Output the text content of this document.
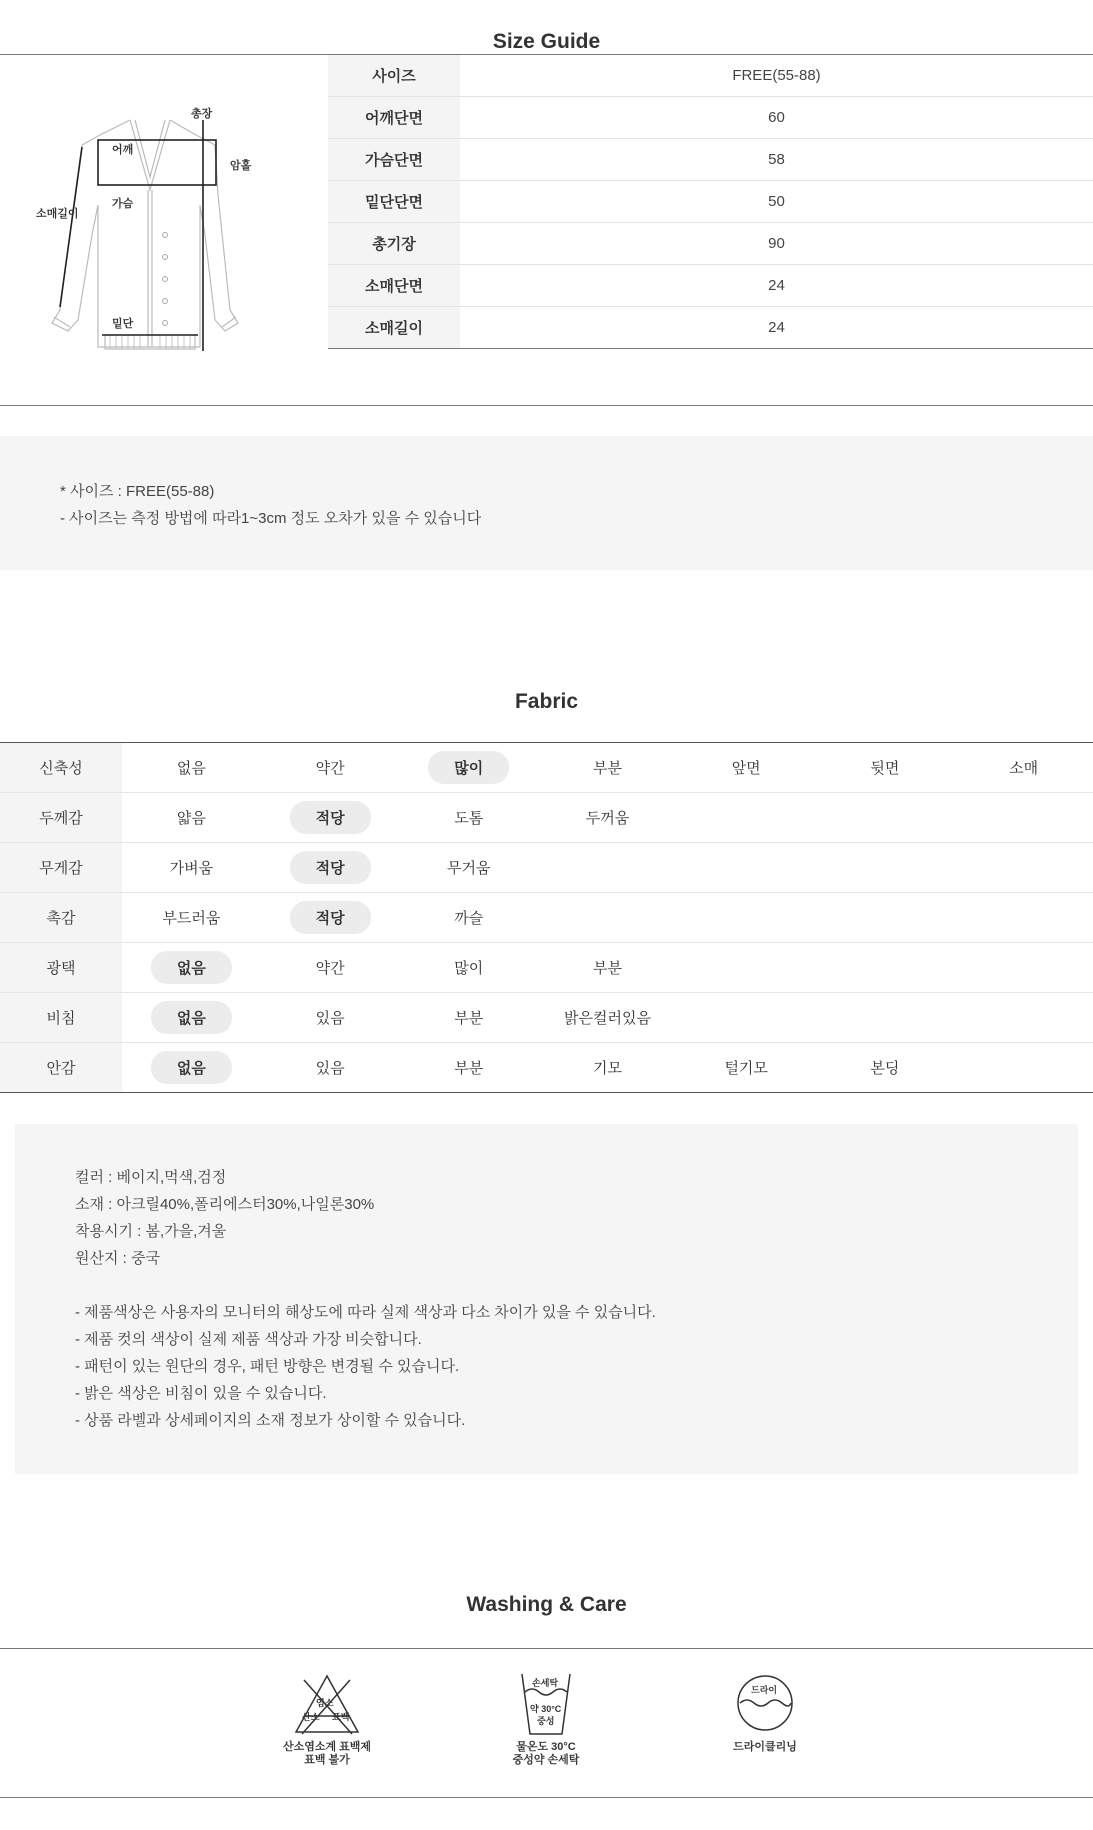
Size Guide
총장
어깨
암홀
소매길이
가슴
밑단
사이즈	FREE(55-88)
어깨단면	60
가슴단면	58
밑단단면	50
총기장	90
소매단면	24
소매길이	24
* 사이즈 : FREE(55-88)
- 사이즈는 측정 방법에 따라1~3cm 정도 오차가 있을 수 있습니다
Fabric
신축성	없음	약간	많이	부분	앞면	뒷면	소매
두께감	얇음	적당	도톰	두꺼움			
무게감	가벼움	적당	무거움				
촉감	부드러움	적당	까슬				
광택	없음	약간	많이	부분			
비침	없음	있음	부분	밝은컬러있음			
안감	없음	있음	부분	기모	털기모	본딩	
컬러 : 베이지,먹색,검정
소재 : 아크릴40%,폴리에스터30%,나일론30%
착용시기 : 봄,가을,겨울
원산지 : 중국
- 제품색상은 사용자의 모니터의 해상도에 따라 실제 색상과 다소 차이가 있을 수 있습니다.
- 제품 컷의 색상이 실제 제품 색상과 가장 비슷합니다.
- 패턴이 있는 원단의 경우, 패턴 방향은 변경될 수 있습니다.
- 밝은 색상은 비침이 있을 수 있습니다.
- 상품 라벨과 상세페이지의 소재 정보가 상이할 수 있습니다.
Washing & Care
염소
산소 표백
산소염소계 표백제
표백 불가
손세탁
약 30°C
중성
물온도 30°C
중성약 손세탁
드라이
드라이클리닝
